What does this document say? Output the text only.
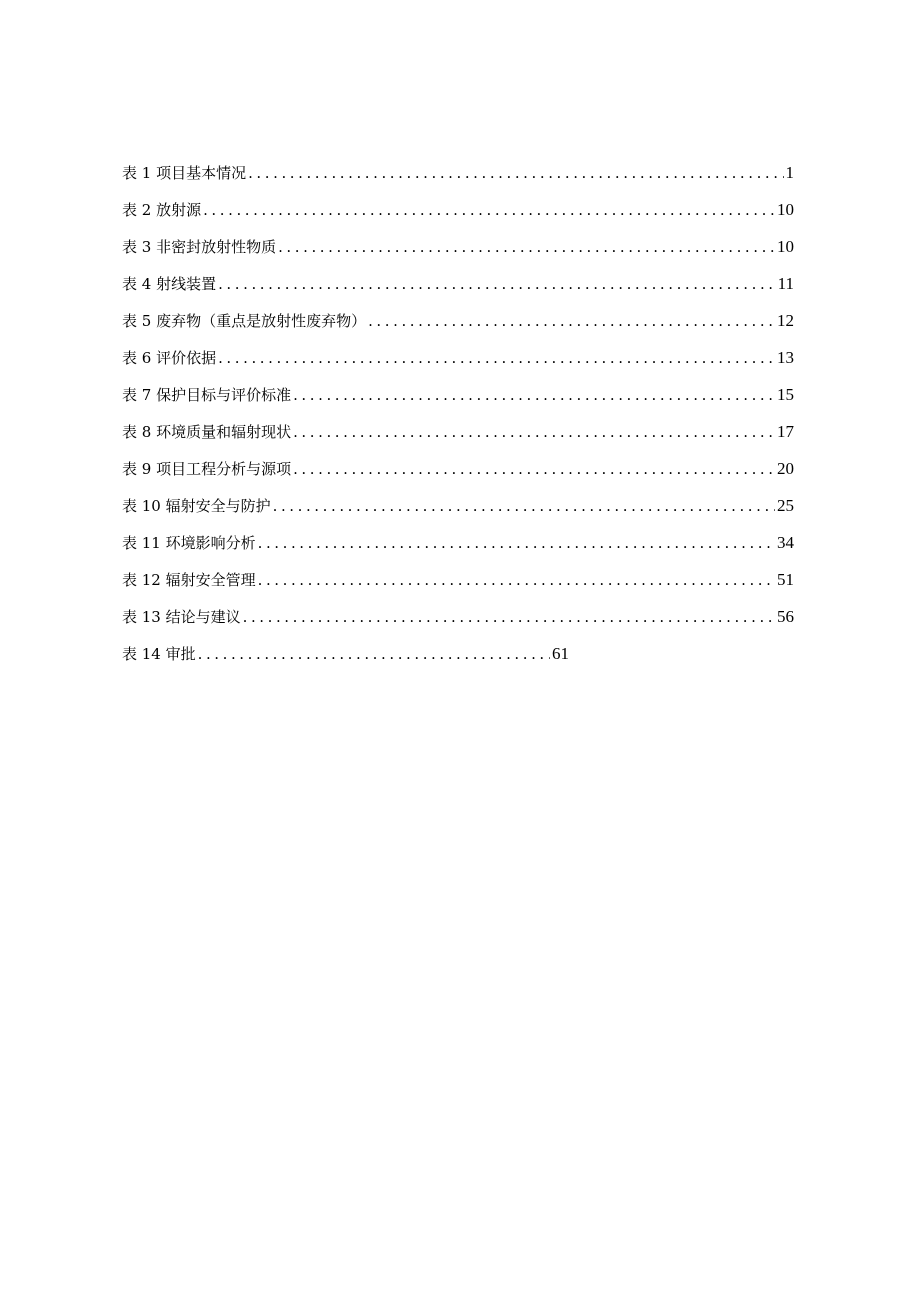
表 1 项目基本情况 . . .	1
表 2 放射源 . . .	10
表 3 非密封放射性物质 . . .	10
表 4 射线装置 . . .	11
表 5 废弃物（重点是放射性废弃物） . . .	12
表 6 评价依据 . . .	13
表 7 保护目标与评价标准 . . .	15
表 8 环境质量和辐射现状 . . .	17
表 9 项目工程分析与源项 . . .	20
表 10 辐射安全与防护 . . .	25
表 11 环境影响分析 . . .	34
表 12 辐射安全管理 . . .	51
表 13 结论与建议 . . .	56
表 14 审批 . . .	61
